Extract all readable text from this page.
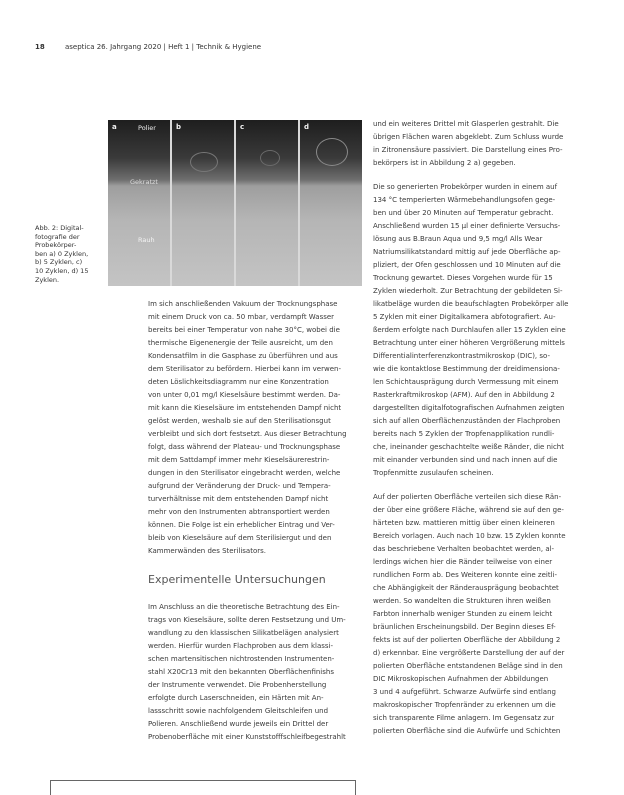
18	aseptica 26. Jahrgang 2020 | Heft 1 | Technik & Hygiene
a	Polier
Gekratzt
Rauh
b	c	d
Abb. 2: Digital-
fotografie der
Probekörper-
ben a) 0 Zyklen,
b) 5 Zyklen, c)
10 Zyklen, d) 15
Zyklen.
Im sich anschließenden Vakuum der Trocknungsphase
mit einem Druck von ca. 50 mbar, verdampft Wasser
bereits bei einer Temperatur von nahe 30°C, wobei die
thermische Eigenenergie der Teile ausreicht, um den
Kondensatfilm in die Gasphase zu überführen und aus
dem Sterilisator zu befördern. Hierbei kann im verwen-
deten Löslichkeitsdiagramm nur eine Konzentration
von unter 0,01 mg/l Kieselsäure bestimmt werden. Da-
mit kann die Kieselsäure im entstehenden Dampf nicht
gelöst werden, weshalb sie auf den Sterilisationsgut
verbleibt und sich dort festsetzt. Aus dieser Betrachtung
folgt, dass während der Plateau- und Trocknungsphase
mit dem Sattdampf immer mehr Kieselsäurerestrin-
dungen in den Sterilisator eingebracht werden, welche
aufgrund der Veränderung der Druck- und Tempera-
turverhältnisse mit dem entstehenden Dampf nicht
mehr von den Instrumenten abtransportiert werden
können. Die Folge ist ein erheblicher Eintrag und Ver-
bleib von Kieselsäure auf dem Sterilisiergut und den
Kammerwänden des Sterilisators.
Experimentelle Untersuchungen
Im Anschluss an die theoretische Betrachtung des Ein-
trags von Kieselsäure, sollte deren Festsetzung und Um-
wandlung zu den klassischen Silikatbelägen analysiert
werden. Hierfür wurden Flachproben aus dem klassi-
schen martensitischen nichtrostenden Instrumenten-
stahl X20Cr13 mit den bekannten Oberflächenfinishs
der Instrumente verwendet. Die Probenherstellung
erfolgte durch Laserschneiden, ein Härten mit An-
lassschritt sowie nachfolgendem Gleitschleifen und
Polieren. Anschließend wurde jeweils ein Drittel der
Probenoberfläche mit einer Kunststofffschleifbegestrahlt

und ein weiteres Drittel mit Glasperlen gestrahlt. Die
übrigen Flächen waren abgeklebt. Zum Schluss wurde
in Zitronensäure passiviert. Die Darstellung eines Pro-
bekörpers ist in Abbildung 2 a) gegeben.

Die so generierten Probekörper wurden in einem auf
134 °C temperierten Wärmebehandlungsofen gege-
ben und über 20 Minuten auf Temperatur gebracht.
Anschließend wurden 15 µl einer definierte Versuchs-
lösung aus B.Braun Aqua und 9,5 mg/l Alls Wear
Natriumsilikatstandard mittig auf jede Oberfläche ap-
pliziert, der Ofen geschlossen und 10 Minuten auf die
Trocknung gewartet. Dieses Vorgehen wurde für 15
Zyklen wiederholt. Zur Betrachtung der gebildeten Si-
likatbeläge wurden die beaufschlagten Probekörper alle
5 Zyklen mit einer Digitalkamera abfotografiert. Au-
ßerdem erfolgte nach Durchlaufen aller 15 Zyklen eine
Betrachtung unter einer höheren Vergrößerung mittels
Differentialinterferenzkontrastmikroskop (DIC), so-
wie die kontaktlose Bestimmung der dreidimensiona-
len Schichtausprägung durch Vermessung mit einem
Rasterkraftmikroskop (AFM). Auf den in Abbildung 2
dargestellten digitalfotografischen Aufnahmen zeigten
sich auf allen Oberflächenzuständen der Flachproben
bereits nach 5 Zyklen der Tropfenapplikation rundli-
che, ineinander geschachtelte weiße Ränder, die nicht
mit einander verbunden sind und nach innen auf die
Tropfenmitte zusulaufen scheinen.

Auf der polierten Oberfläche verteilen sich diese Rän-
der über eine größere Fläche, während sie auf den ge-
härteten bzw. mattieren mittig über einen kleineren
Bereich vorlagen. Auch nach 10 bzw. 15 Zyklen konnte
das beschriebene Verhalten beobachtet werden, al-
lerdings wichen hier die Ränder teilweise von einer
rundlichen Form ab. Des Weiteren konnte eine zeitli-
che Abhängigkeit der Ränderausprägung beobachtet
werden. So wandelten die Strukturen ihren weißen
Farbton innerhalb weniger Stunden zu einem leicht
bräunlichen Erscheinungsbild. Der Beginn dieses Ef-
fekts ist auf der polierten Oberfläche der Abbildung 2
d) erkennbar. Eine vergrößerte Darstellung der auf der
polierten Oberfläche entstandenen Beläge sind in den
DIC Mikroskopischen Aufnahmen der Abbildungen
3 und 4 aufgeführt. Schwarze Aufwürfe sind entlang
makroskopischer Tropfenränder zu erkennen um die
sich transparente Filme anlagern. Im Gegensatz zur
polierten Oberfläche sind die Aufwürfe und Schichten
